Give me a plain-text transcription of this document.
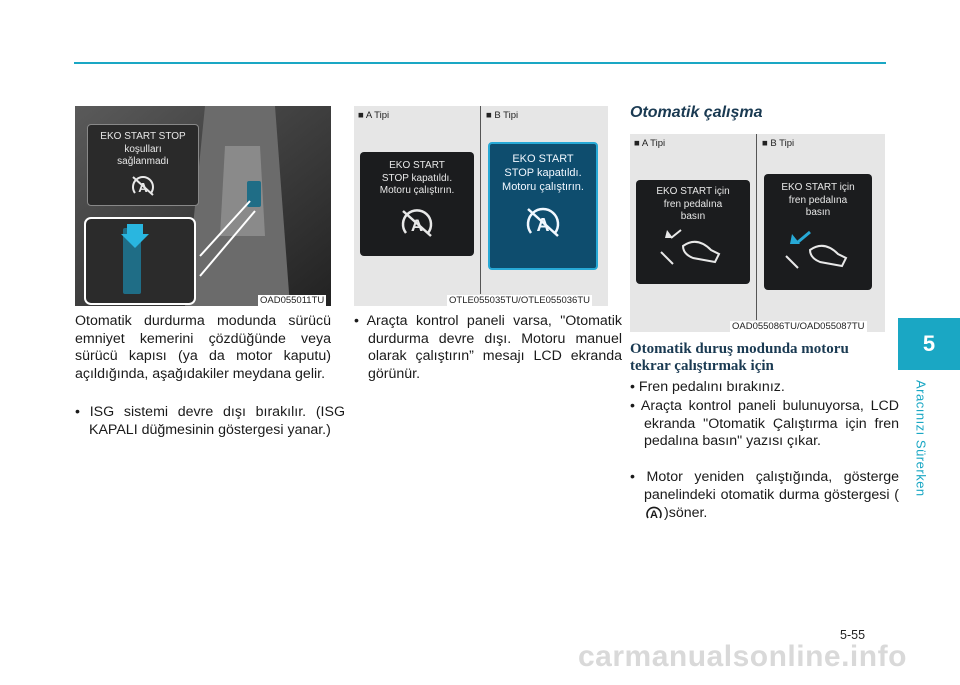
EKO START STOP
koşulları
sağlanmadı
A
OAD055011TU
■ A Tipi	■ B Tipi
EKO START
STOP kapatıldı.
Motoru çalıştırın.
A
EKO START
STOP kapatıldı.
Motoru çalıştırın.
A
OTLE055035TU/OTLE055036TU
■ A Tipi	■ B Tipi
EKO START için
fren pedalına
basın
EKO START için
fren pedalına
basın
OAD055086TU/OAD055087TU
Otomatik durdurma modunda sürücü emniyet kemerini çözdüğünde veya sürücü kapısı (ya da motor kaputu) açıldığında, aşağıdakiler meydana gelir.
• ISG sistemi devre dışı bırakılır. (ISG KAPALI düğmesinin göstergesi yanar.)
• Araçta kontrol paneli varsa, "Otomatik durdurma devre dışı. Motoru manuel olarak çalıştırın” mesajı LCD ekranda görünür.
Otomatik çalışma
Otomatik duruş modunda motoru tekrar çalıştırmak için
• Fren pedalını bırakınız.
• Araçta kontrol paneli bulunuyorsa, LCD ekranda "Otomatik Çalıştırma için fren pedalına basın" yazısı çıkar.
• Motor yeniden çalıştığında, gösterge panelindeki otomatik durma göstergesi (
A )söner.
5
Aracınızı Sürerken
5-55
carmanualsonline.info
